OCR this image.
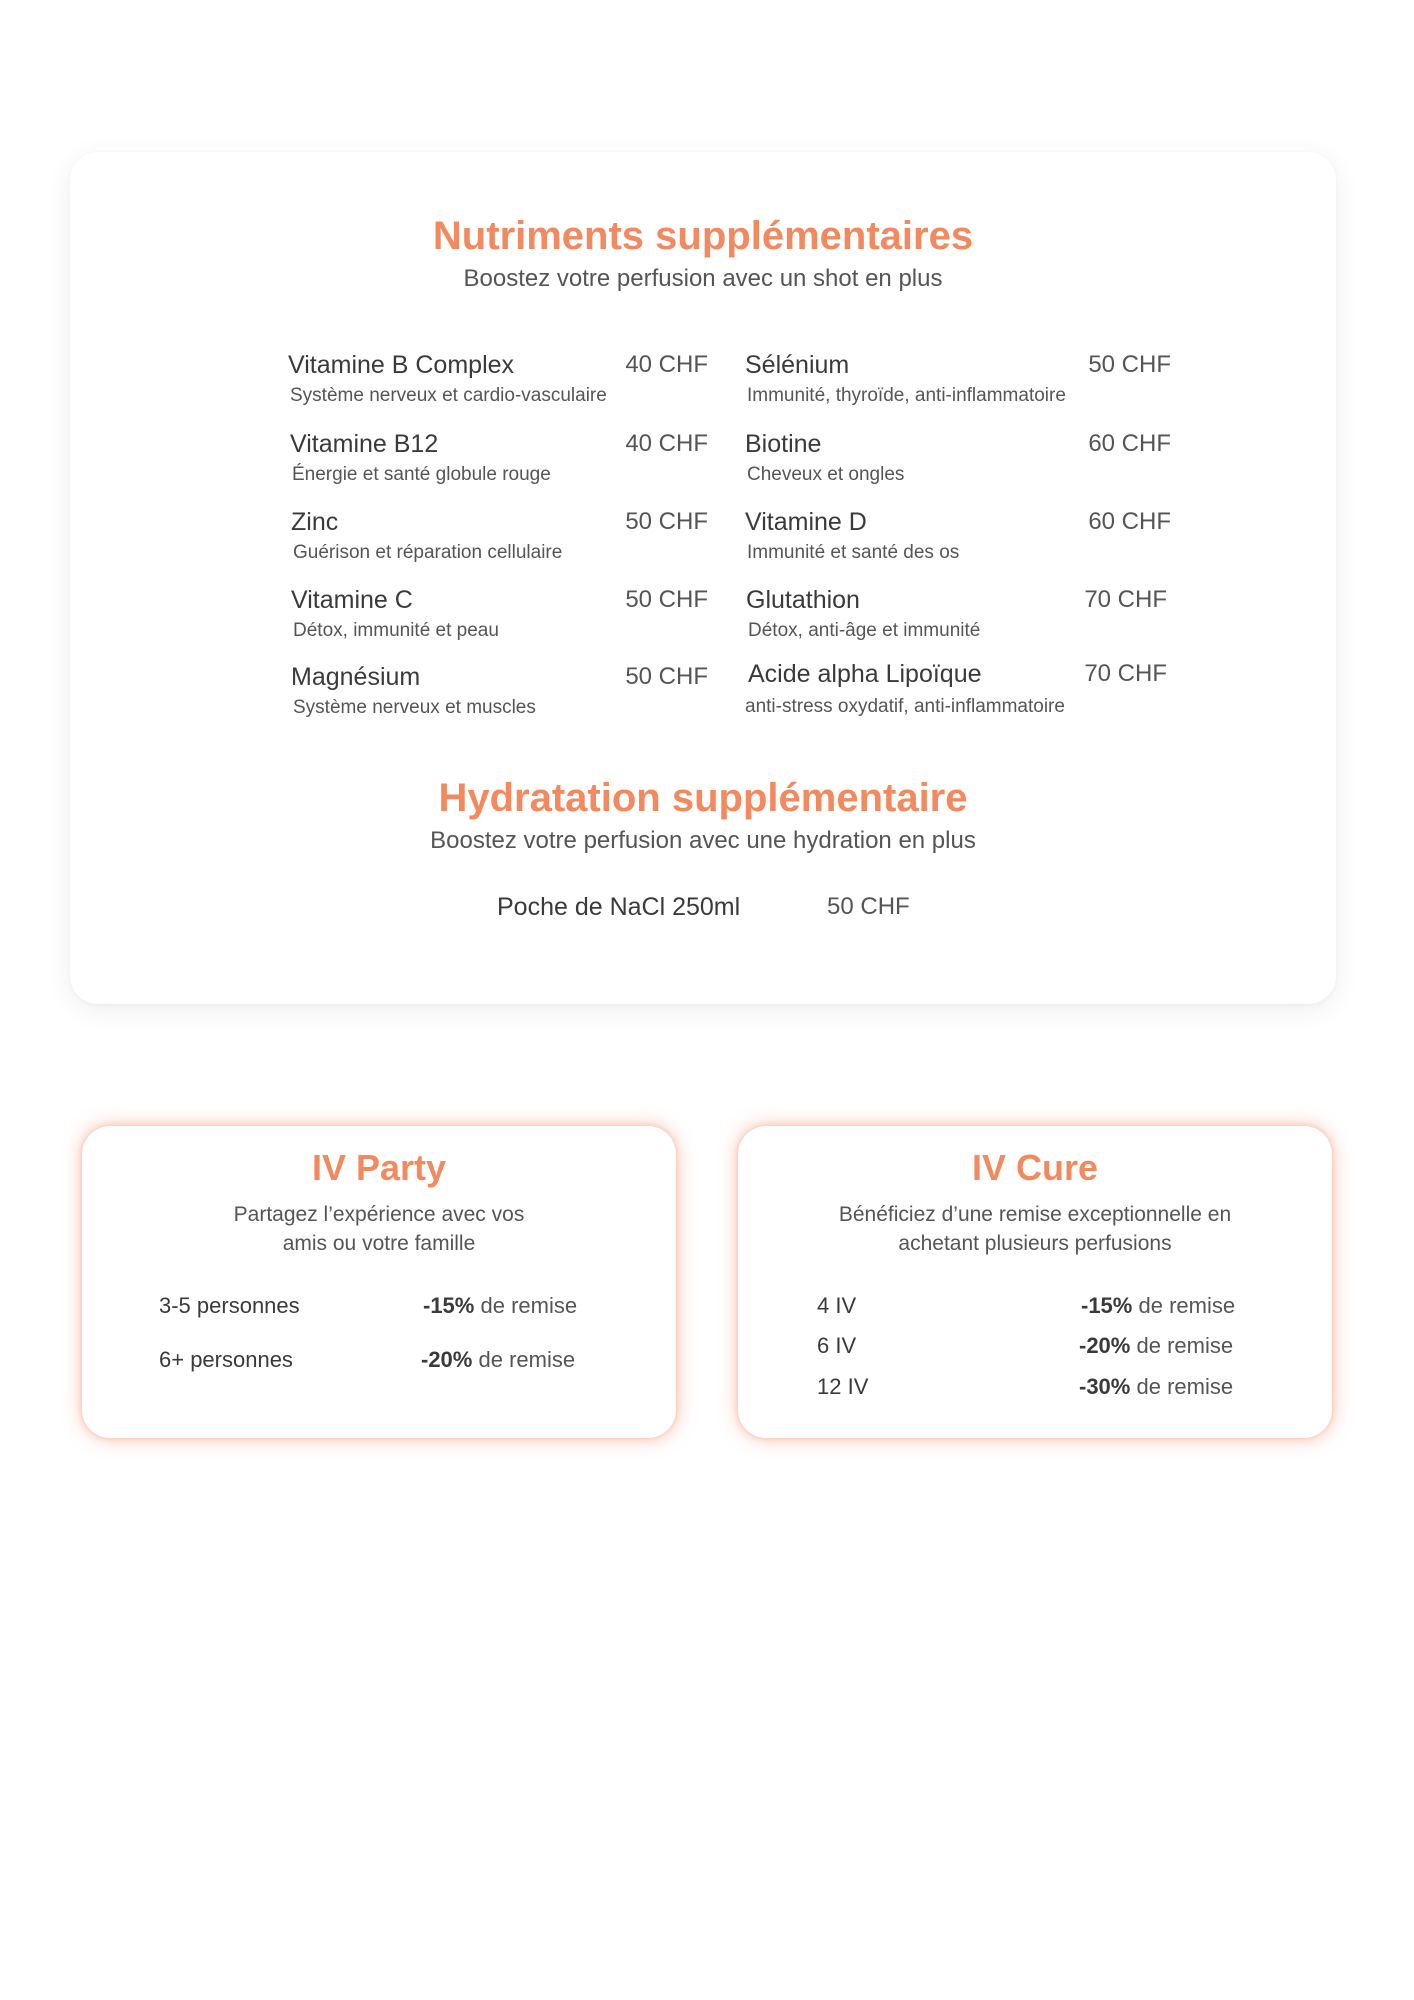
Nutriments supplémentaires
Boostez votre perfusion avec un shot en plus
Vitamine B Complex	40 CHF
Système nerveux et cardio-vasculaire
Vitamine B12	40 CHF
Énergie et santé globule rouge
Zinc	50 CHF
Guérison et réparation cellulaire
Vitamine C	50 CHF
Détox, immunité et peau
Magnésium	50 CHF
Système nerveux et muscles
Sélénium	50 CHF
Immunité, thyroïde, anti-inflammatoire
Biotine	60 CHF
Cheveux et ongles
Vitamine D	60 CHF
Immunité et santé des os
Glutathion	70 CHF
Détox, anti-âge et immunité
Acide alpha Lipoïque	70 CHF
anti-stress oxydatif, anti-inflammatoire
Hydratation supplémentaire
Boostez votre perfusion avec une hydration en plus
Poche de NaCl 250ml	50 CHF
IV Party
Partagez l’expérience avec vos
amis ou votre famille
3-5 personnes	-15% de remise
6+ personnes	-20% de remise
IV Cure
Bénéficiez d’une remise exceptionnelle en
achetant plusieurs perfusions
4 IV	-15% de remise
6 IV	-20% de remise
12 IV	-30% de remise
